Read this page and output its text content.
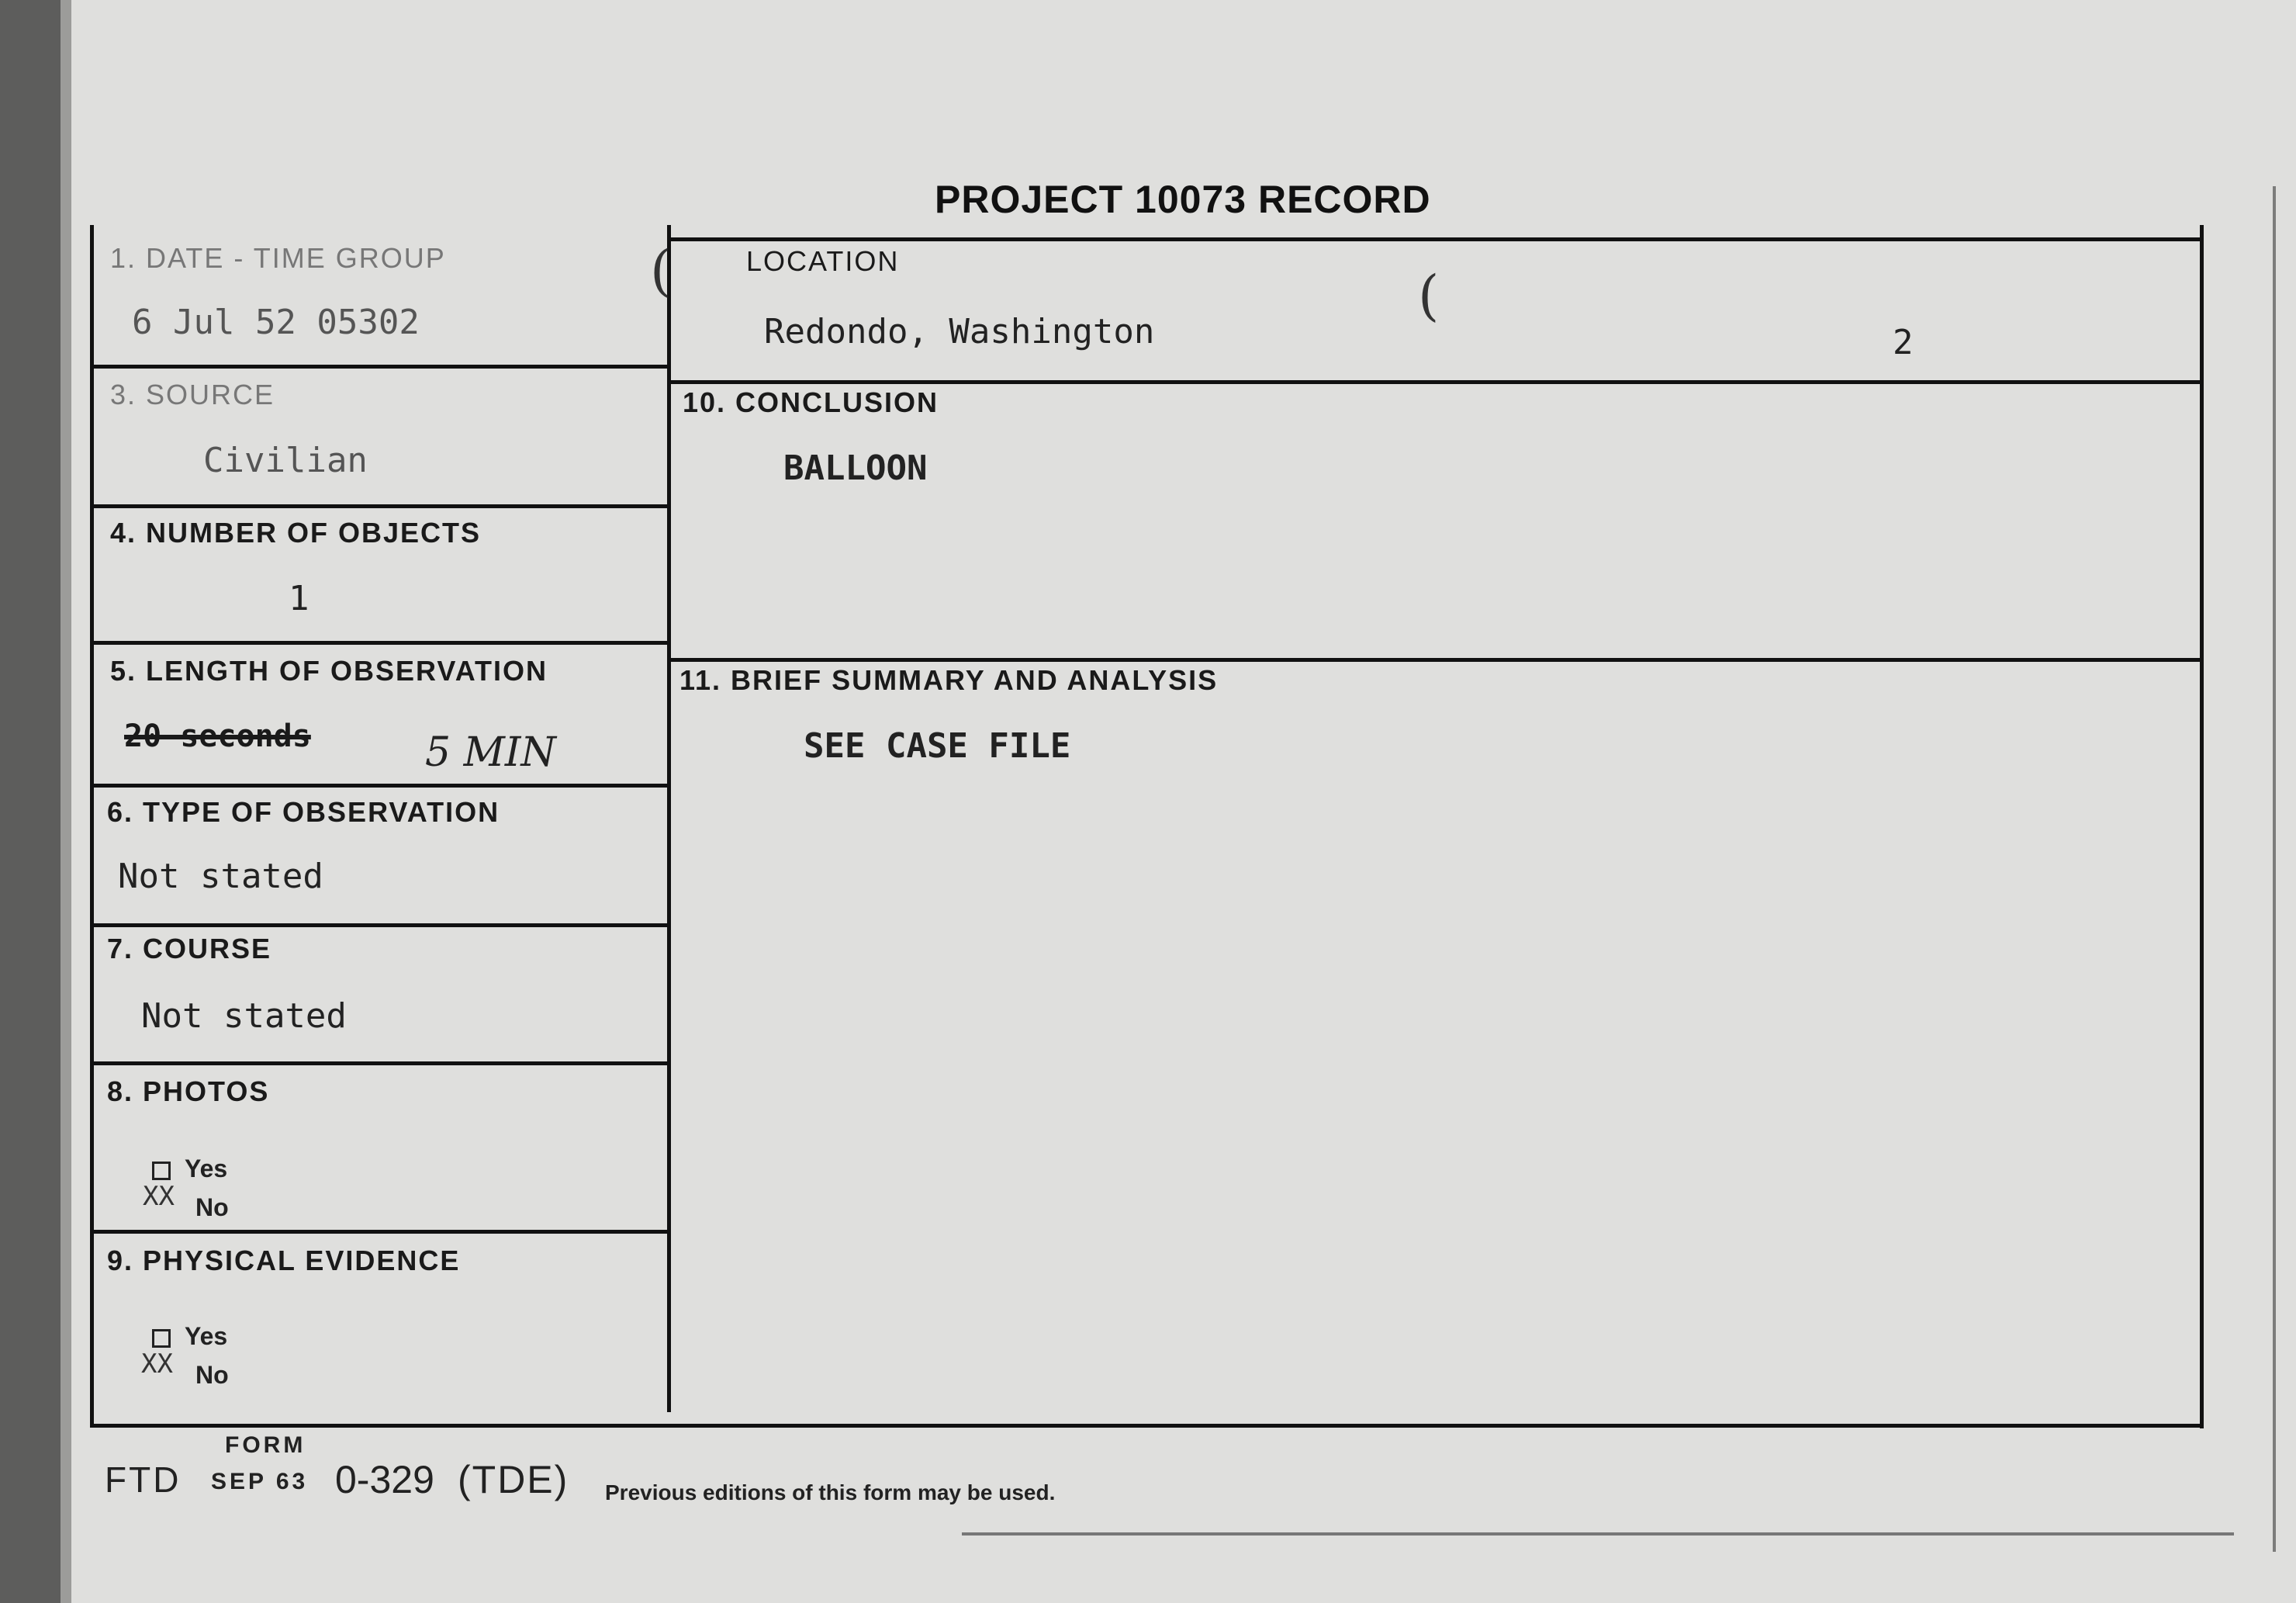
PROJECT 10073 RECORD
1. DATE - TIME GROUP
6 Jul 52 05302
(	(
LOCATION
Redondo, Washington	2
3. SOURCE
Civilian
10. CONCLUSION
BALLOON
4. NUMBER OF OBJECTS
1
5. LENGTH OF OBSERVATION
20 seconds	5 MIN
11. BRIEF SUMMARY AND ANALYSIS
SEE CASE FILE
6. TYPE OF OBSERVATION
Not stated
7. COURSE
Not stated
8. PHOTOS
Yes
XX No
9. PHYSICAL EVIDENCE
Yes
XX No
FORM
FTD SEP 63 0-329 (TDE) Previous editions of this form may be used.
